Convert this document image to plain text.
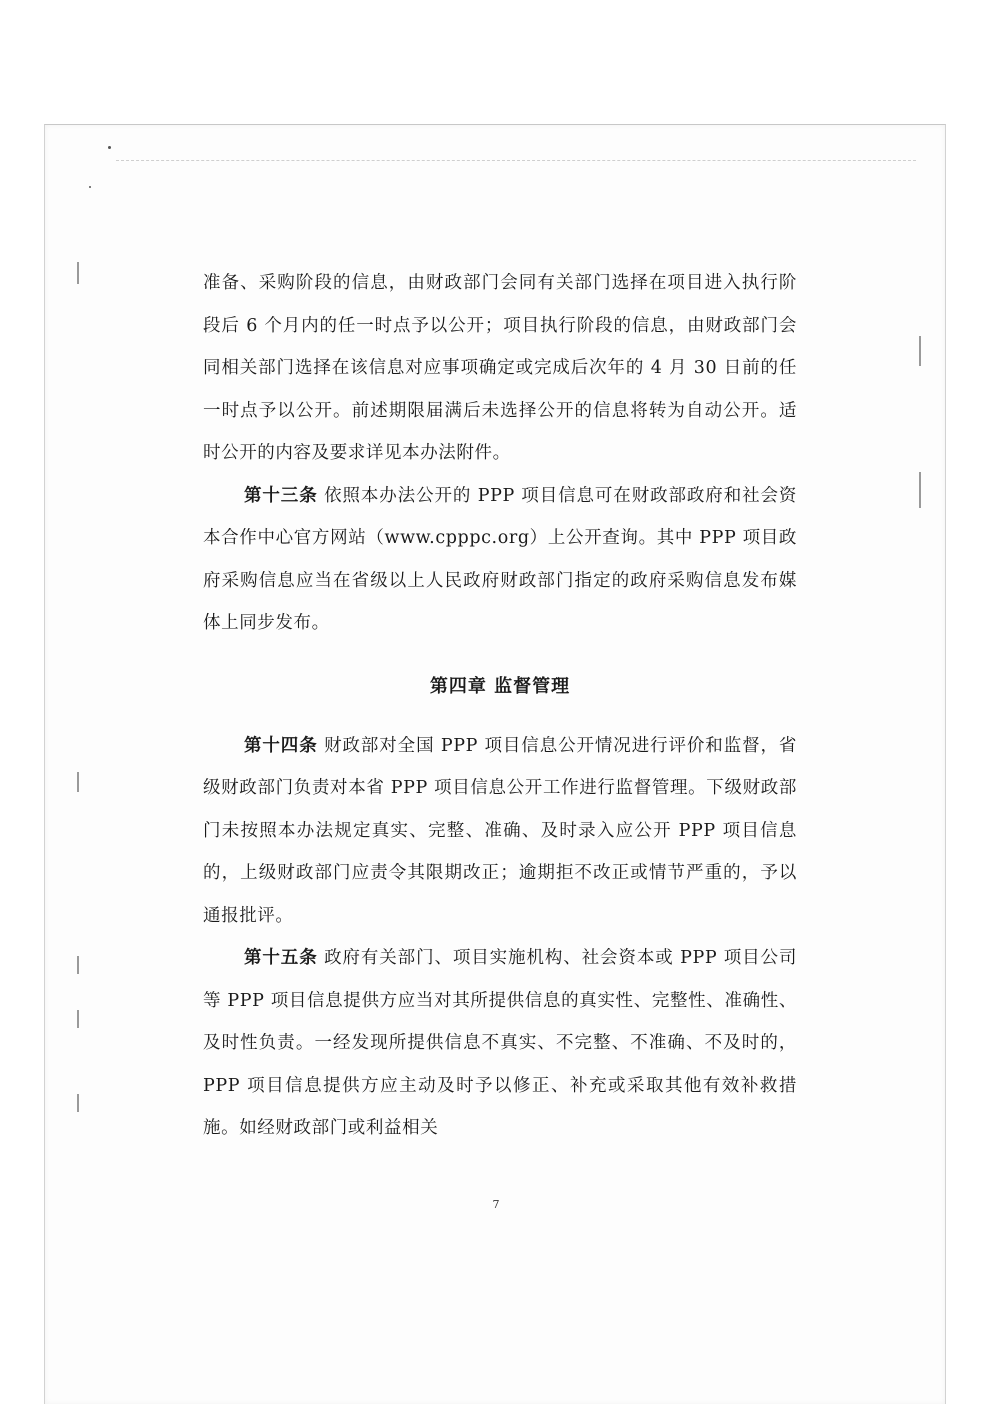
准备、采购阶段的信息，由财政部门会同有关部门选择在项目进入执行阶段后 6 个月内的任一时点予以公开；项目执行阶段的信息，由财政部门会同相关部门选择在该信息对应事项确定或完成后次年的 4 月 30 日前的任一时点予以公开。前述期限届满后未选择公开的信息将转为自动公开。适时公开的内容及要求详见本办法附件。

第十三条 依照本办法公开的 PPP 项目信息可在财政部政府和社会资本合作中心官方网站（www.cpppc.org）上公开查询。其中 PPP 项目政府采购信息应当在省级以上人民政府财政部门指定的政府采购信息发布媒体上同步发布。

第四章 监督管理

第十四条 财政部对全国 PPP 项目信息公开情况进行评价和监督，省级财政部门负责对本省 PPP 项目信息公开工作进行监督管理。下级财政部门未按照本办法规定真实、完整、准确、及时录入应公开 PPP 项目信息的，上级财政部门应责令其限期改正；逾期拒不改正或情节严重的，予以通报批评。

第十五条 政府有关部门、项目实施机构、社会资本或 PPP 项目公司等 PPP 项目信息提供方应当对其所提供信息的真实性、完整性、准确性、及时性负责。一经发现所提供信息不真实、不完整、不准确、不及时的，PPP 项目信息提供方应主动及时予以修正、补充或采取其他有效补救措施。如经财政部门或利益相关

7
